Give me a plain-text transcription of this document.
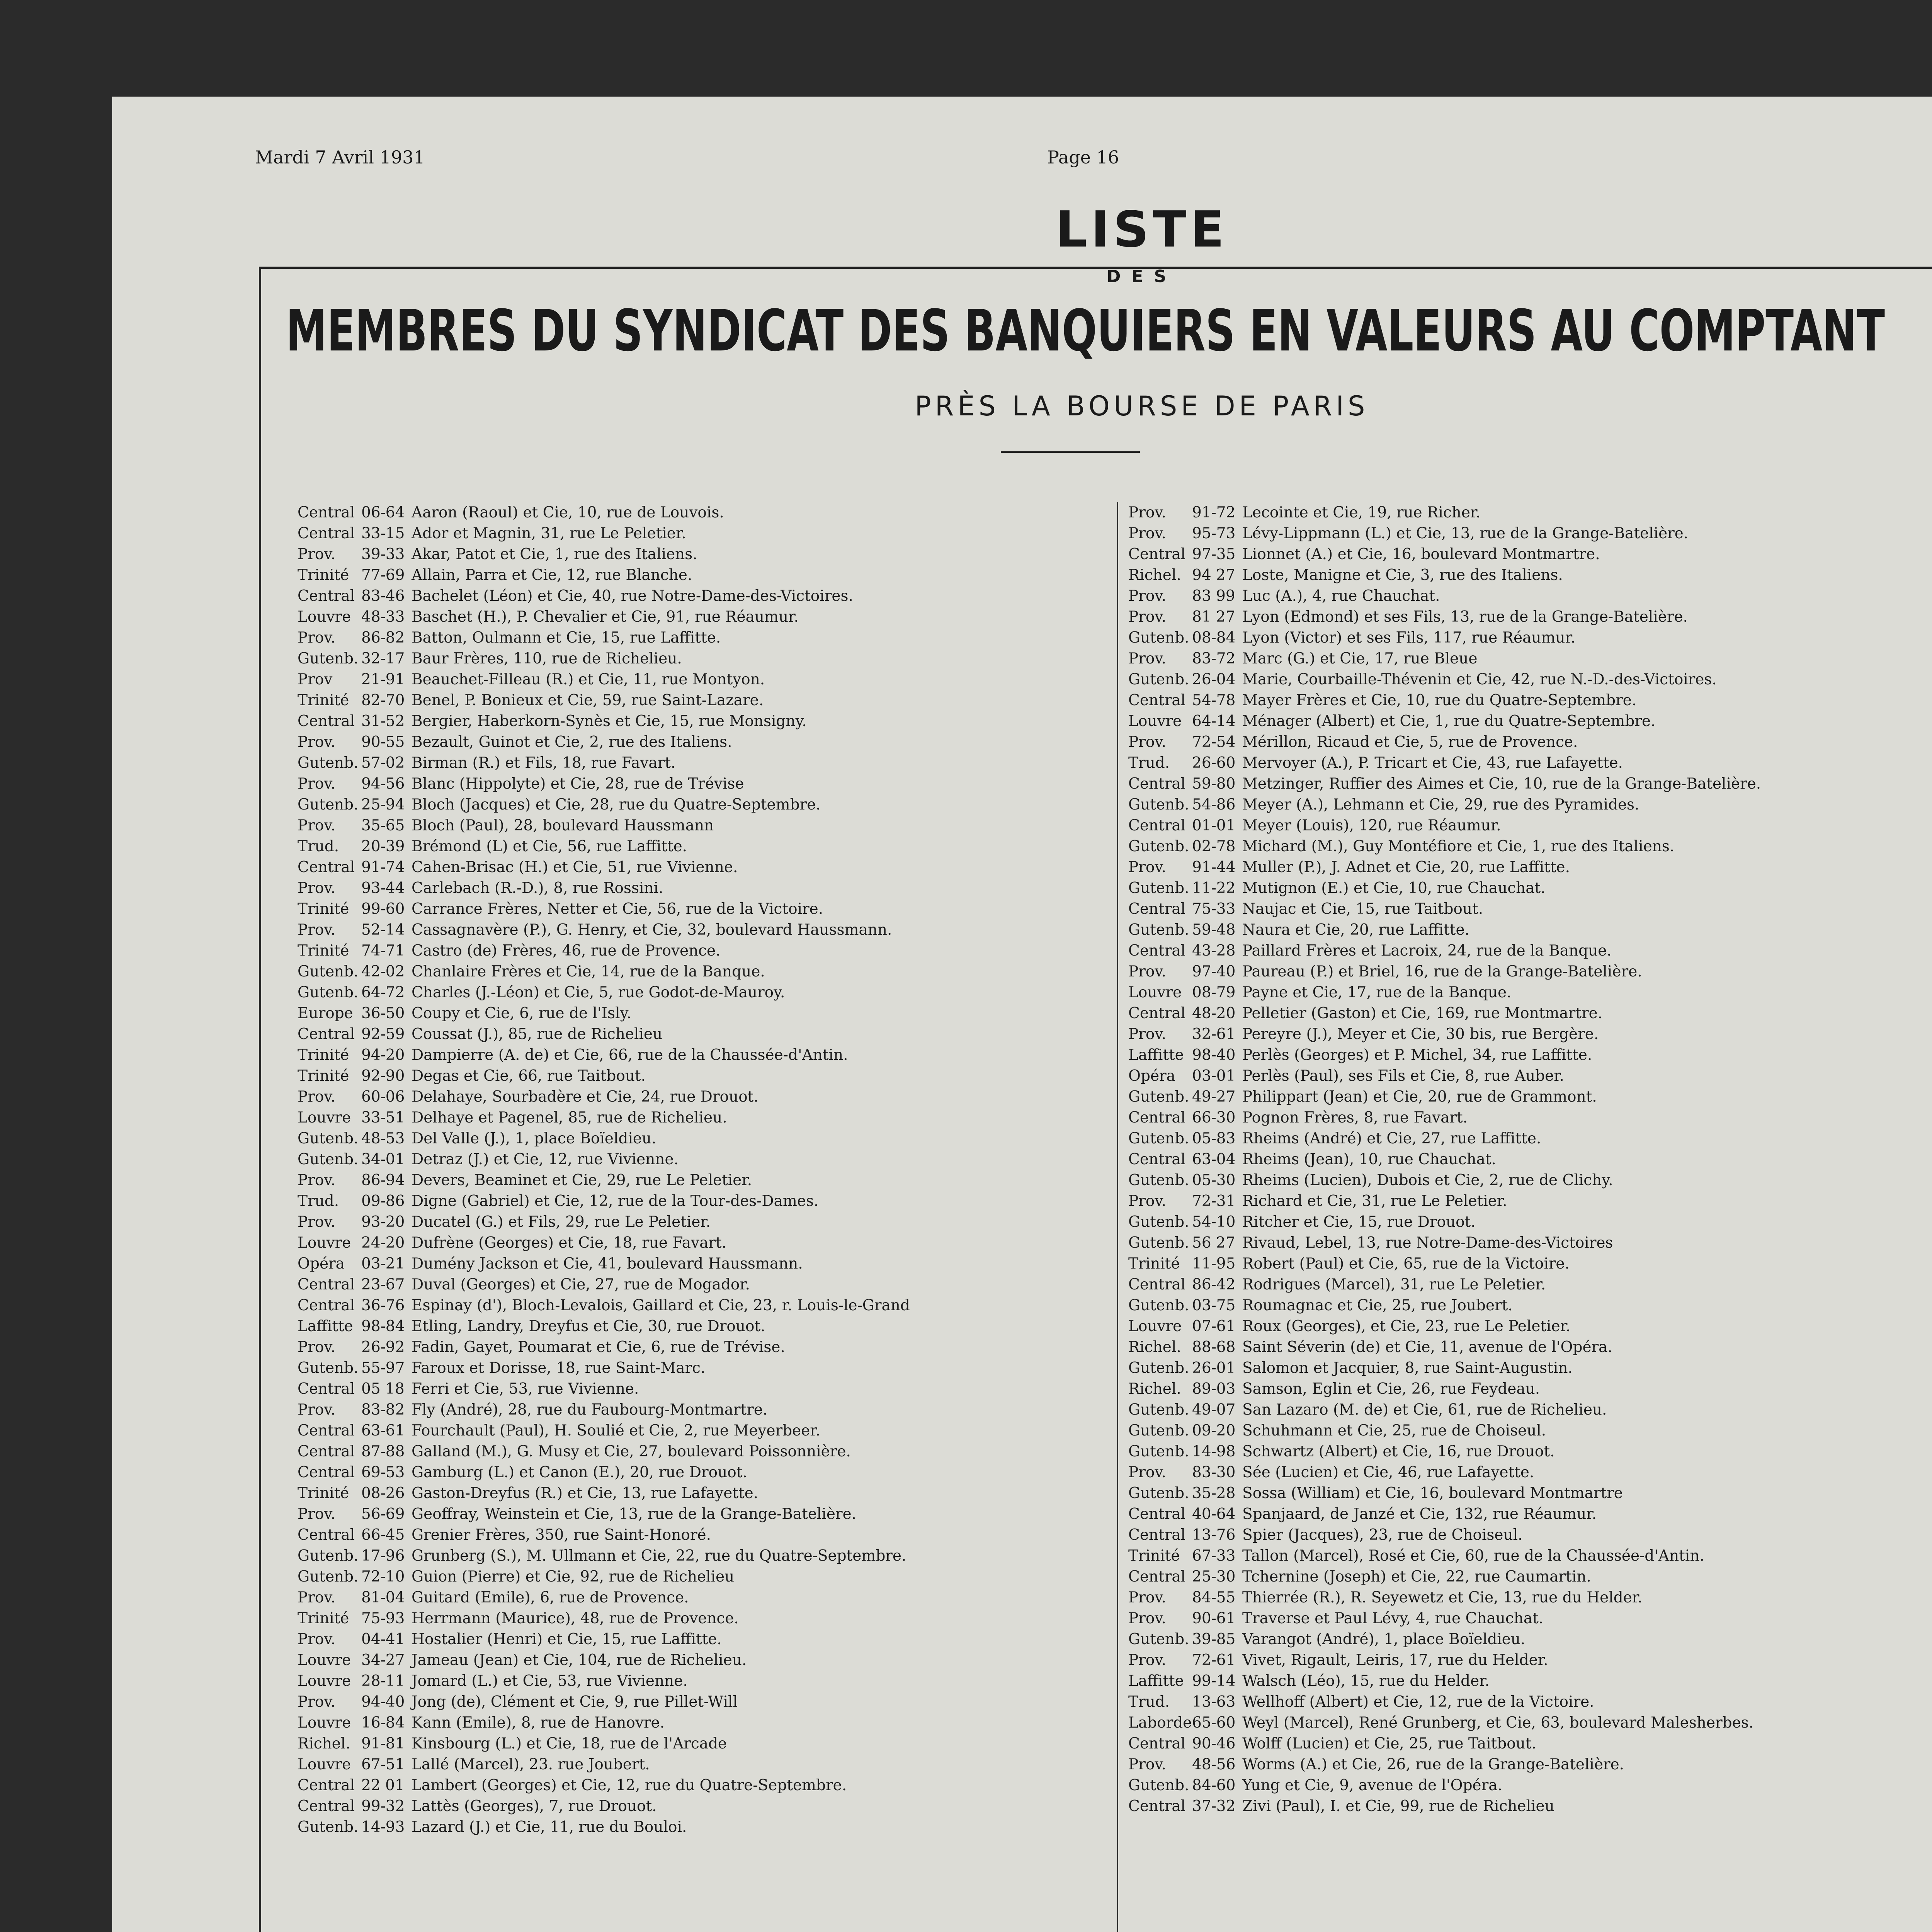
Mardi 7 Avril 1931	Page 16
LISTE
DES
MEMBRES DU SYNDICAT DES BANQUIERS EN VALEURS AU COMPTANT
PRÈS LA BOURSE DE PARIS
Central 06-64 Aaron (Raoul) et Cie, 10, rue de Louvois.
Central 33-15 Ador et Magnin, 31, rue Le Peletier.
Prov.	39-33 Akar, Patot et Cie, 1, rue des Italiens.
Trinité 77-69 Allain, Parra et Cie, 12, rue Blanche.
Central 83-46 Bachelet (Léon) et Cie, 40, rue Notre-Dame-des-Victoires.
Louvre 48-33 Baschet (H.), P. Chevalier et Cie, 91, rue Réaumur.
Prov.	86-82 Batton, Oulmann et Cie, 15, rue Laffitte.
Gutenb. 32-17 Baur Frères, 110, rue de Richelieu.
Prov	21-91 Beauchet-Filleau (R.) et Cie, 11, rue Montyon.
Trinité 82-70 Benel, P. Bonieux et Cie, 59, rue Saint-Lazare.
Central 31-52 Bergier, Haberkorn-Synès et Cie, 15, rue Monsigny.
Prov.	90-55 Bezault, Guinot et Cie, 2, rue des Italiens.
Gutenb. 57-02 Birman (R.) et Fils, 18, rue Favart.
Prov.	94-56 Blanc (Hippolyte) et Cie, 28, rue de Trévise
Gutenb. 25-94 Bloch (Jacques) et Cie, 28, rue du Quatre-Septembre.
Prov.	35-65 Bloch (Paul), 28, boulevard Haussmann
Trud.	20-39 Brémond (L) et Cie, 56, rue Laffitte.
Central 91-74 Cahen-Brisac (H.) et Cie, 51, rue Vivienne.
Prov.	93-44 Carlebach (R.-D.), 8, rue Rossini.
Trinité 99-60 Carrance Frères, Netter et Cie, 56, rue de la Victoire.
Prov.	52-14 Cassagnavère (P.), G. Henry, et Cie, 32, boulevard Haussmann.
Trinité 74-71 Castro (de) Frères, 46, rue de Provence.
Gutenb. 42-02 Chanlaire Frères et Cie, 14, rue de la Banque.
Gutenb. 64-72 Charles (J.-Léon) et Cie, 5, rue Godot-de-Mauroy.
Europe 36-50 Coupy et Cie, 6, rue de l'Isly.
Central 92-59 Coussat (J.), 85, rue de Richelieu
Trinité 94-20 Dampierre (A. de) et Cie, 66, rue de la Chaussée-d'Antin.
Trinité 92-90 Degas et Cie, 66, rue Taitbout.
Prov.	60-06 Delahaye, Sourbadère et Cie, 24, rue Drouot.
Louvre 33-51 Delhaye et Pagenel, 85, rue de Richelieu.
Gutenb. 48-53 Del Valle (J.), 1, place Boïeldieu.
Gutenb. 34-01 Detraz (J.) et Cie, 12, rue Vivienne.
Prov.	86-94 Devers, Beaminet et Cie, 29, rue Le Peletier.
Trud.	09-86 Digne (Gabriel) et Cie, 12, rue de la Tour-des-Dames.
Prov.	93-20 Ducatel (G.) et Fils, 29, rue Le Peletier.
Louvre 24-20 Dufrène (Georges) et Cie, 18, rue Favart.
Opéra	03-21 Dumény Jackson et Cie, 41, boulevard Haussmann.
Central 23-67 Duval (Georges) et Cie, 27, rue de Mogador.
Central 36-76 Espinay (d'), Bloch-Levalois, Gaillard et Cie, 23, r. Louis-le-Grand
Laffitte 98-84 Etling, Landry, Dreyfus et Cie, 30, rue Drouot.
Prov.	26-92 Fadin, Gayet, Poumarat et Cie, 6, rue de Trévise.
Gutenb. 55-97 Faroux et Dorisse, 18, rue Saint-Marc.
Central 05 18 Ferri et Cie, 53, rue Vivienne.
Prov.	83-82 Fly (André), 28, rue du Faubourg-Montmartre.
Central 63-61 Fourchault (Paul), H. Soulié et Cie, 2, rue Meyerbeer.
Central 87-88 Galland (M.), G. Musy et Cie, 27, boulevard Poissonnière.
Central 69-53 Gamburg (L.) et Canon (E.), 20, rue Drouot.
Trinité 08-26 Gaston-Dreyfus (R.) et Cie, 13, rue Lafayette.
Prov.	56-69 Geoffray, Weinstein et Cie, 13, rue de la Grange-Batelière.
Central 66-45 Grenier Frères, 350, rue Saint-Honoré.
Gutenb. 17-96 Grunberg (S.), M. Ullmann et Cie, 22, rue du Quatre-Septembre.
Gutenb. 72-10 Guion (Pierre) et Cie, 92, rue de Richelieu
Prov.	81-04 Guitard (Emile), 6, rue de Provence.
Trinité 75-93 Herrmann (Maurice), 48, rue de Provence.
Prov.	04-41 Hostalier (Henri) et Cie, 15, rue Laffitte.
Louvre 34-27 Jameau (Jean) et Cie, 104, rue de Richelieu.
Louvre 28-11 Jomard (L.) et Cie, 53, rue Vivienne.
Prov.	94-40 Jong (de), Clément et Cie, 9, rue Pillet-Will
Louvre 16-84 Kann (Emile), 8, rue de Hanovre.
Richel. 91-81 Kinsbourg (L.) et Cie, 18, rue de l'Arcade
Louvre 67-51 Lallé (Marcel), 23. rue Joubert.
Central 22 01 Lambert (Georges) et Cie, 12, rue du Quatre-Septembre.
Central 99-32 Lattès (Georges), 7, rue Drouot.
Gutenb. 14-93 Lazard (J.) et Cie, 11, rue du Bouloi.
Prov.	91-72 Lecointe et Cie, 19, rue Richer.
Prov.	95-73 Lévy-Lippmann (L.) et Cie, 13, rue de la Grange-Batelière.
Central 97-35 Lionnet (A.) et Cie, 16, boulevard Montmartre.
Richel. 94 27 Loste, Manigne et Cie, 3, rue des Italiens.
Prov.	83 99 Luc (A.), 4, rue Chauchat.
Prov.	81 27 Lyon (Edmond) et ses Fils, 13, rue de la Grange-Batelière.
Gutenb. 08-84 Lyon (Victor) et ses Fils, 117, rue Réaumur.
Prov.	83-72 Marc (G.) et Cie, 17, rue Bleue
Gutenb. 26-04 Marie, Courbaille-Thévenin et Cie, 42, rue N.-D.-des-Victoires.
Central 54-78 Mayer Frères et Cie, 10, rue du Quatre-Septembre.
Louvre 64-14 Ménager (Albert) et Cie, 1, rue du Quatre-Septembre.
Prov.	72-54 Mérillon, Ricaud et Cie, 5, rue de Provence.
Trud.	26-60 Mervoyer (A.), P. Tricart et Cie, 43, rue Lafayette.
Central 59-80 Metzinger, Ruffier des Aimes et Cie, 10, rue de la Grange-Batelière.
Gutenb. 54-86 Meyer (A.), Lehmann et Cie, 29, rue des Pyramides.
Central 01-01 Meyer (Louis), 120, rue Réaumur.
Gutenb. 02-78 Michard (M.), Guy Montéfiore et Cie, 1, rue des Italiens.
Prov.	91-44 Muller (P.), J. Adnet et Cie, 20, rue Laffitte.
Gutenb. 11-22 Mutignon (E.) et Cie, 10, rue Chauchat.
Central 75-33 Naujac et Cie, 15, rue Taitbout.
Gutenb. 59-48 Naura et Cie, 20, rue Laffitte.
Central 43-28 Paillard Frères et Lacroix, 24, rue de la Banque.
Prov.	97-40 Paureau (P.) et Briel, 16, rue de la Grange-Batelière.
Louvre 08-79 Payne et Cie, 17, rue de la Banque.
Central 48-20 Pelletier (Gaston) et Cie, 169, rue Montmartre.
Prov.	32-61 Pereyre (J.), Meyer et Cie, 30 bis, rue Bergère.
Laffitte 98-40 Perlès (Georges) et P. Michel, 34, rue Laffitte.
Opéra	03-01 Perlès (Paul), ses Fils et Cie, 8, rue Auber.
Gutenb. 49-27 Philippart (Jean) et Cie, 20, rue de Grammont.
Central 66-30 Pognon Frères, 8, rue Favart.
Gutenb. 05-83 Rheims (André) et Cie, 27, rue Laffitte.
Central 63-04 Rheims (Jean), 10, rue Chauchat.
Gutenb. 05-30 Rheims (Lucien), Dubois et Cie, 2, rue de Clichy.
Prov.	72-31 Richard et Cie, 31, rue Le Peletier.
Gutenb. 54-10 Ritcher et Cie, 15, rue Drouot.
Gutenb. 56 27 Rivaud, Lebel, 13, rue Notre-Dame-des-Victoires
Trinité 11-95 Robert (Paul) et Cie, 65, rue de la Victoire.
Central 86-42 Rodrigues (Marcel), 31, rue Le Peletier.
Gutenb. 03-75 Roumagnac et Cie, 25, rue Joubert.
Louvre 07-61 Roux (Georges), et Cie, 23, rue Le Peletier.
Richel. 88-68 Saint Séverin (de) et Cie, 11, avenue de l'Opéra.
Gutenb. 26-01 Salomon et Jacquier, 8, rue Saint-Augustin.
Richel. 89-03 Samson, Eglin et Cie, 26, rue Feydeau.
Gutenb. 49-07 San Lazaro (M. de) et Cie, 61, rue de Richelieu.
Gutenb. 09-20 Schuhmann et Cie, 25, rue de Choiseul.
Gutenb. 14-98 Schwartz (Albert) et Cie, 16, rue Drouot.
Prov.	83-30 Sée (Lucien) et Cie, 46, rue Lafayette.
Gutenb. 35-28 Sossa (William) et Cie, 16, boulevard Montmartre
Central 40-64 Spanjaard, de Janzé et Cie, 132, rue Réaumur.
Central 13-76 Spier (Jacques), 23, rue de Choiseul.
Trinité 67-33 Tallon (Marcel), Rosé et Cie, 60, rue de la Chaussée-d'Antin.
Central 25-30 Tchernine (Joseph) et Cie, 22, rue Caumartin.
Prov.	84-55 Thierrée (R.), R. Seyewetz et Cie, 13, rue du Helder.
Prov.	90-61 Traverse et Paul Lévy, 4, rue Chauchat.
Gutenb. 39-85 Varangot (André), 1, place Boïeldieu.
Prov.	72-61 Vivet, Rigault, Leiris, 17, rue du Helder.
Laffitte 99-14 Walsch (Léo), 15, rue du Helder.
Trud.	13-63 Wellhoff (Albert) et Cie, 12, rue de la Victoire.
Laborde 65-60 Weyl (Marcel), René Grunberg, et Cie, 63, boulevard Malesherbes.
Central 90-46 Wolff (Lucien) et Cie, 25, rue Taitbout.
Prov.	48-56 Worms (A.) et Cie, 26, rue de la Grange-Batelière.
Gutenb. 84-60 Yung et Cie, 9, avenue de l'Opéra.
Central 37-32 Zivi (Paul), I. et Cie, 99, rue de Richelieu
